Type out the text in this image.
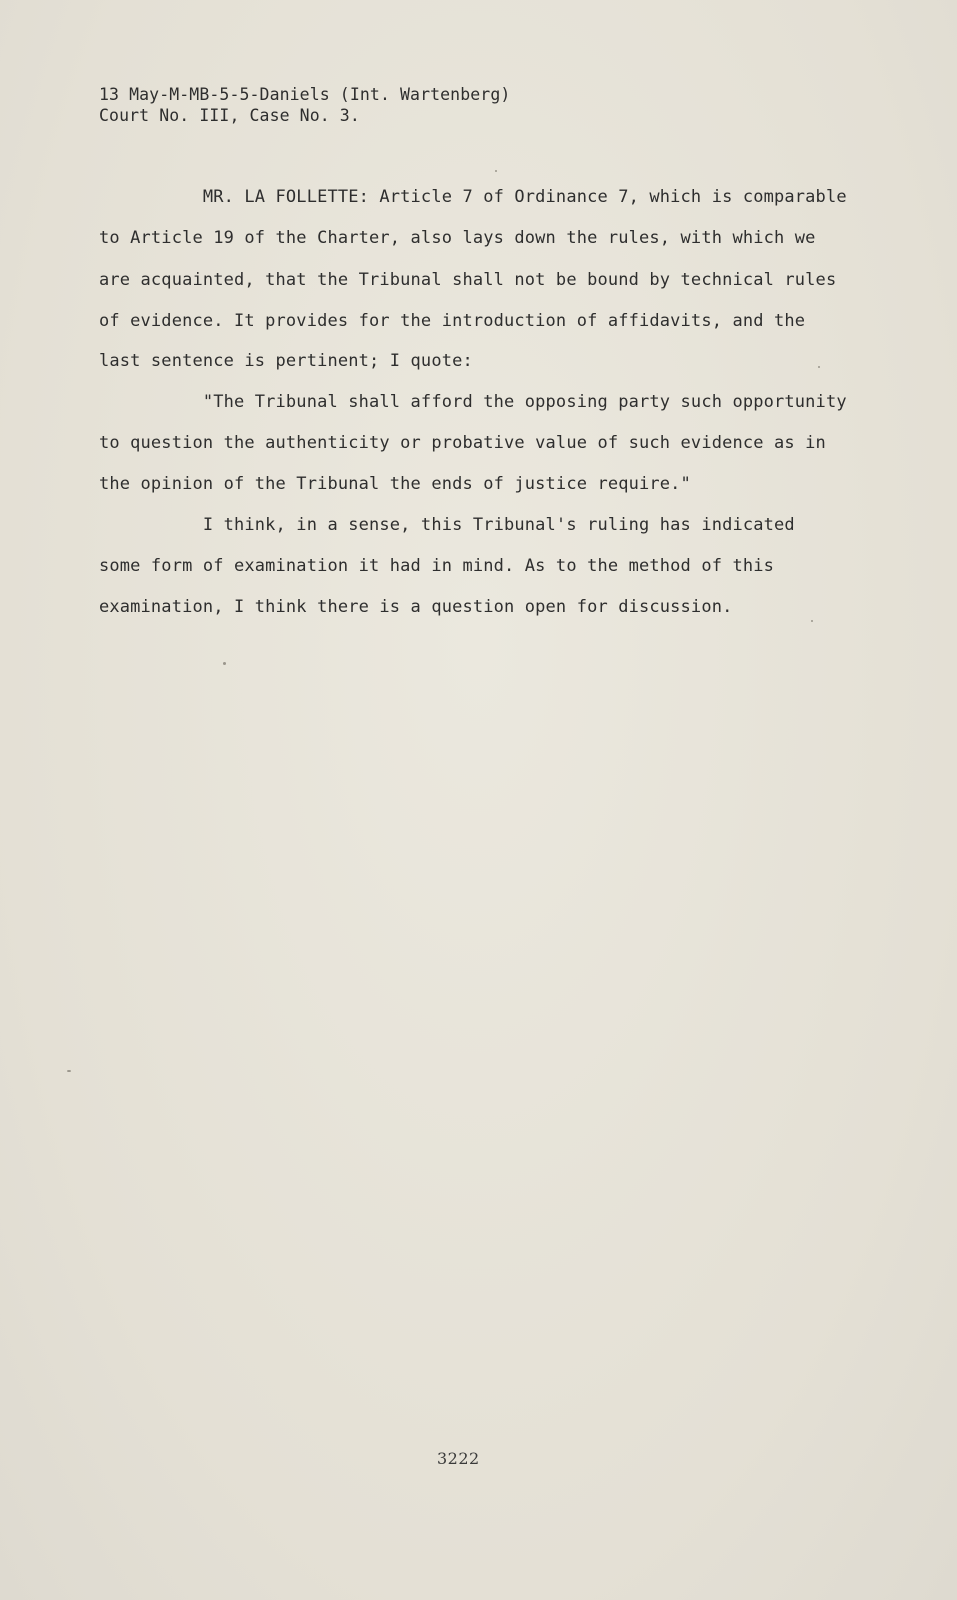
13 May-M-MB-5-5-Daniels (Int. Wartenberg)
Court No. III, Case No. 3.
MR. LA FOLLETTE: Article 7 of Ordinance 7, which is comparable
to Article 19 of the Charter, also lays down the rules, with which we
are acquainted, that the Tribunal shall not be bound by technical rules
of evidence. It provides for the introduction of affidavits, and the
last sentence is pertinent; I quote:
"The Tribunal shall afford the opposing party such opportunity
to question the authenticity or probative value of such evidence as in
the opinion of the Tribunal the ends of justice require."
I think, in a sense, this Tribunal's ruling has indicated
some form of examination it had in mind. As to the method of this
examination, I think there is a question open for discussion.
3222
